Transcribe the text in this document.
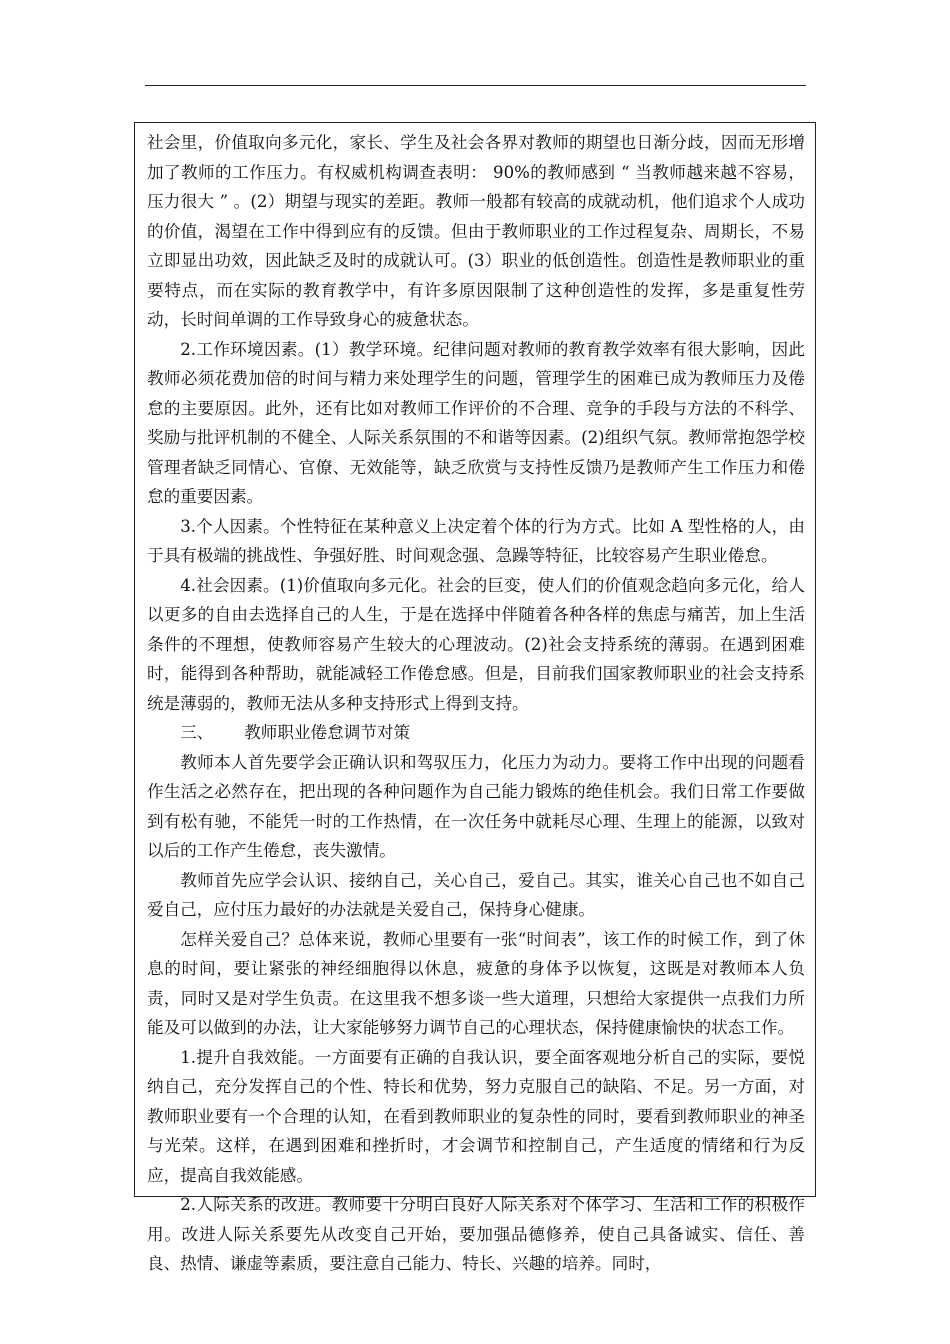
社会里，价值取向多元化，家长、学生及社会各界对教师的期望也日渐分歧，因而无形增加了教师的工作压力。有权威机构调查表明： 90%的教师感到 “ 当教师越来越不容易，压力很大 ” 。(2）期望与现实的差距。教师一般都有较高的成就动机，他们追求个人成功的价值，渴望在工作中得到应有的反馈。但由于教师职业的工作过程复杂、周期长，不易立即显出功效，因此缺乏及时的成就认可。(3）职业的低创造性。创造性是教师职业的重要特点，而在实际的教育教学中，有许多原因限制了这种创造性的发挥，多是重复性劳动，长时间单调的工作导致身心的疲惫状态。

2.工作环境因素。(1）教学环境。纪律问题对教师的教育教学效率有很大影响，因此教师必须花费加倍的时间与精力来处理学生的问题，管理学生的困难已成为教师压力及倦怠的主要原因。此外，还有比如对教师工作评价的不合理、竞争的手段与方法的不科学、奖励与批评机制的不健全、人际关系氛围的不和谐等因素。(2)组织气氛。教师常抱怨学校管理者缺乏同情心、官僚、无效能等，缺乏欣赏与支持性反馈乃是教师产生工作压力和倦怠的重要因素。

3.个人因素。个性特征在某种意义上决定着个体的行为方式。比如 A 型性格的人，由于具有极端的挑战性、争强好胜、时间观念强、急躁等特征，比较容易产生职业倦怠。

4.社会因素。(1)价值取向多元化。社会的巨变，使人们的价值观念趋向多元化，给人以更多的自由去选择自己的人生，于是在选择中伴随着各种各样的焦虑与痛苦，加上生活条件的不理想，使教师容易产生较大的心理波动。(2)社会支持系统的薄弱。在遇到困难时，能得到各种帮助，就能减轻工作倦怠感。但是，目前我们国家教师职业的社会支持系统是薄弱的，教师无法从多种支持形式上得到支持。

三、 教师职业倦怠调节对策

教师本人首先要学会正确认识和驾驭压力，化压力为动力。要将工作中出现的问题看作生活之必然存在，把出现的各种问题作为自己能力锻炼的绝佳机会。我们日常工作要做到有松有驰，不能凭一时的工作热情，在一次任务中就耗尽心理、生理上的能源，以致对以后的工作产生倦怠，丧失激情。

教师首先应学会认识、接纳自己，关心自己，爱自己。其实，谁关心自己也不如自己爱自己，应付压力最好的办法就是关爱自己，保持身心健康。

怎样关爱自己？总体来说，教师心里要有一张“时间表”，该工作的时候工作，到了休息的时间，要让紧张的神经细胞得以休息，疲惫的身体予以恢复，这既是对教师本人负责，同时又是对学生负责。在这里我不想多谈一些大道理，只想给大家提供一点我们力所能及可以做到的办法，让大家能够努力调节自己的心理状态，保持健康愉快的状态工作。

1.提升自我效能。一方面要有正确的自我认识，要全面客观地分析自己的实际，要悦纳自己，充分发挥自己的个性、特长和优势，努力克服自己的缺陷、不足。另一方面，对教师职业要有一个合理的认知，在看到教师职业的复杂性的同时，要看到教师职业的神圣与光荣。这样，在遇到困难和挫折时，才会调节和控制自己，产生适度的情绪和行为反应，提高自我效能感。

2.人际关系的改进。教师要十分明白良好人际关系对个体学习、生活和工作的积极作用。改进人际关系要先从改变自己开始，要加强品德修养，使自己具备诚实、信任、善良、热情、谦虚等素质，要注意自己能力、特长、兴趣的培养。同时，
